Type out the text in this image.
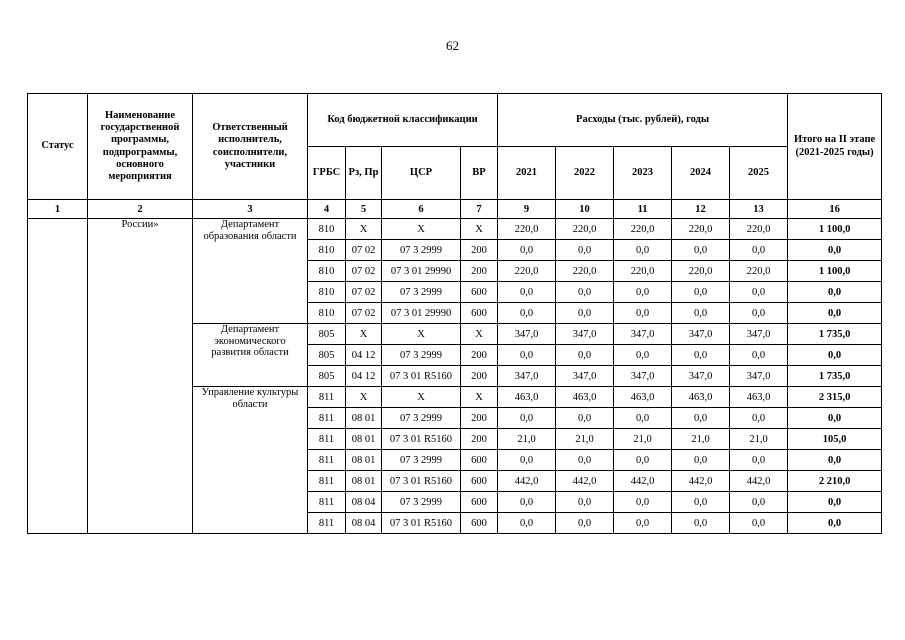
62
Статус	Наименование государственной программы, подпрограммы, основного мероприятия	Ответственный исполнитель, соисполнители, участники	Код бюджетной классификации				Расходы (тыс. рублей), годы					Итого на II этапе (2021-2025 годы)
			ГРБС	Рз, Пр	ЦСР	ВР	2021	2022	2023	2024	2025	
1	2	3	4	5	6	7	9	10	11	12	13	16
	России»	Департамент образования области	810	Х	Х	Х	220,0	220,0	220,0	220,0	220,0	1 100,0
			810	07 02	07 3 2999	200	0,0	0,0	0,0	0,0	0,0	0,0
			810	07 02	07 3 01 29990	200	220,0	220,0	220,0	220,0	220,0	1 100,0
			810	07 02	07 3 2999	600	0,0	0,0	0,0	0,0	0,0	0,0
			810	07 02	07 3 01 29990	600	0,0	0,0	0,0	0,0	0,0	0,0
		Департамент экономического развития области	805	Х	Х	Х	347,0	347,0	347,0	347,0	347,0	1 735,0
			805	04 12	07 3 2999	200	0,0	0,0	0,0	0,0	0,0	0,0
			805	04 12	07 3 01 R5160	200	347,0	347,0	347,0	347,0	347,0	1 735,0
		Управление культуры области	811	Х	Х	Х	463,0	463,0	463,0	463,0	463,0	2 315,0
			811	08 01	07 3 2999	200	0,0	0,0	0,0	0,0	0,0	0,0
			811	08 01	07 3 01 R5160	200	21,0	21,0	21,0	21,0	21,0	105,0
			811	08 01	07 3 2999	600	0,0	0,0	0,0	0,0	0,0	0,0
			811	08 01	07 3 01 R5160	600	442,0	442,0	442,0	442,0	442,0	2 210,0
			811	08 04	07 3 2999	600	0,0	0,0	0,0	0,0	0,0	0,0
			811	08 04	07 3 01 R5160	600	0,0	0,0	0,0	0,0	0,0	0,0
